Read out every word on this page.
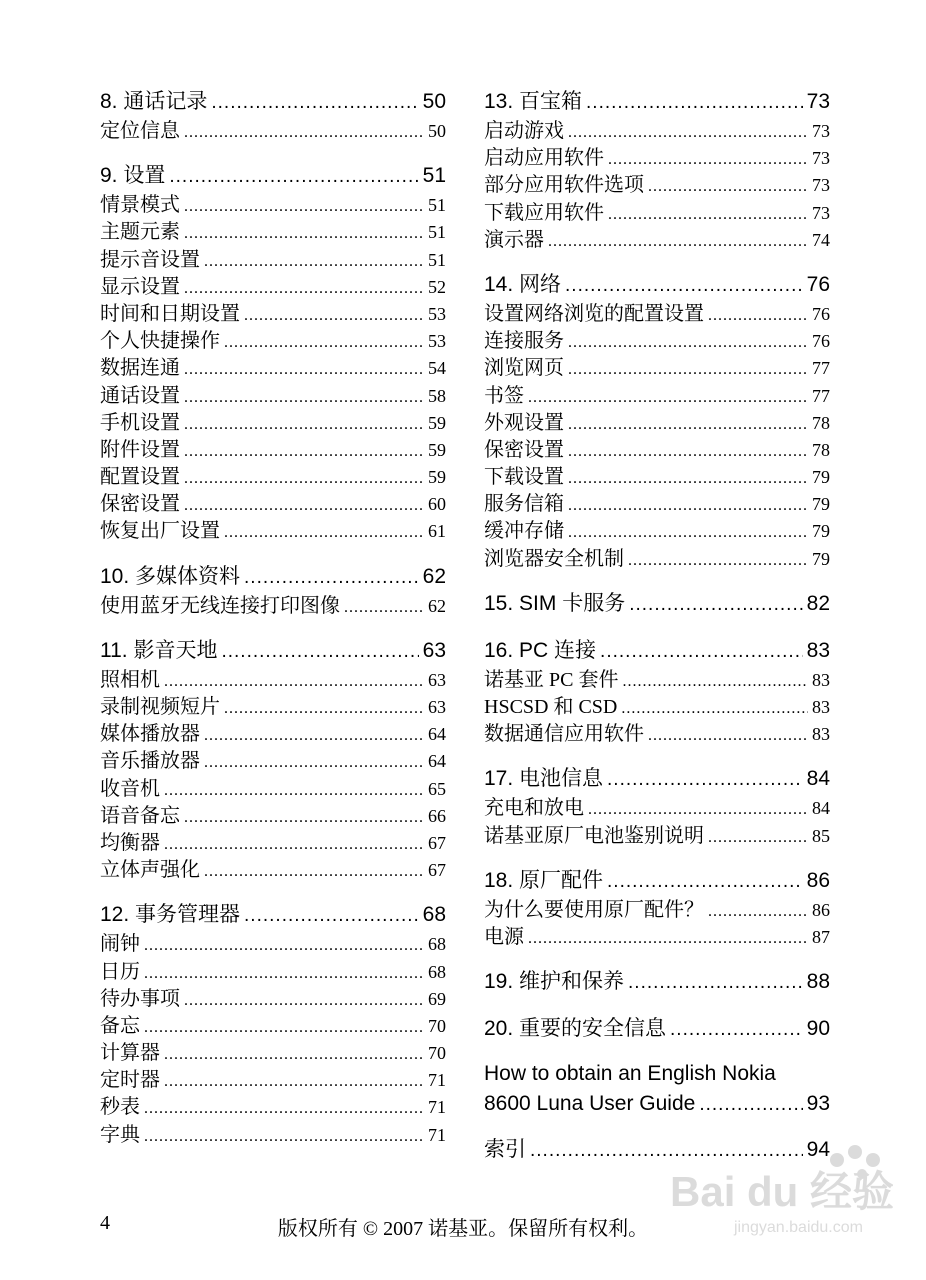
8. 通话记录 .....	50
定位信息 .....	50
9. 设置 .....	51
情景模式 .....	51
主题元素 .....	51
提示音设置 .....	51
显示设置 .....	52
时间和日期设置 .....	53
个人快捷操作 .....	53
数据连通 .....	54
通话设置 .....	58
手机设置 .....	59
附件设置 .....	59
配置设置 .....	59
保密设置 .....	60
恢复出厂设置 .....	61
10. 多媒体资料 .....	62
使用蓝牙无线连接打印图像 .....	62
11. 影音天地 .....	63
照相机 .....	63
录制视频短片 .....	63
媒体播放器 .....	64
音乐播放器 .....	64
收音机 .....	65
语音备忘 .....	66
均衡器 .....	67
立体声强化 .....	67
12. 事务管理器 .....	68
闹钟 .....	68
日历 .....	68
待办事项 .....	69
备忘 .....	70
计算器 .....	70
定时器 .....	71
秒表 .....	71
字典 .....	71
13. 百宝箱 .....	73
启动游戏 .....	73
启动应用软件 .....	73
部分应用软件选项 .....	73
下载应用软件 .....	73
演示器 .....	74
14. 网络 .....	76
设置网络浏览的配置设置 .....	76
连接服务 .....	76
浏览网页 .....	77
书签 .....	77
外观设置 .....	78
保密设置 .....	78
下载设置 .....	79
服务信箱 .....	79
缓冲存储 .....	79
浏览器安全机制 .....	79
15. SIM 卡服务 .....	82
16. PC 连接 .....	83
诺基亚 PC 套件 .....	83
HSCSD 和 CSD .....	83
数据通信应用软件 .....	83
17. 电池信息 .....	84
充电和放电 .....	84
诺基亚原厂电池鉴别说明 .....	85
18. 原厂配件 .....	86
为什么要使用原厂配件？ .....	86
电源 .....	87
19. 维护和保养 .....	88
20. 重要的安全信息 .....	90
How to obtain an English Nokia
8600 Luna User Guide .....	93
索引 .....	94
4	版权所有 © 2007 诺基亚。保留所有权利。
Bai du 经验
jingyan.baidu.com
